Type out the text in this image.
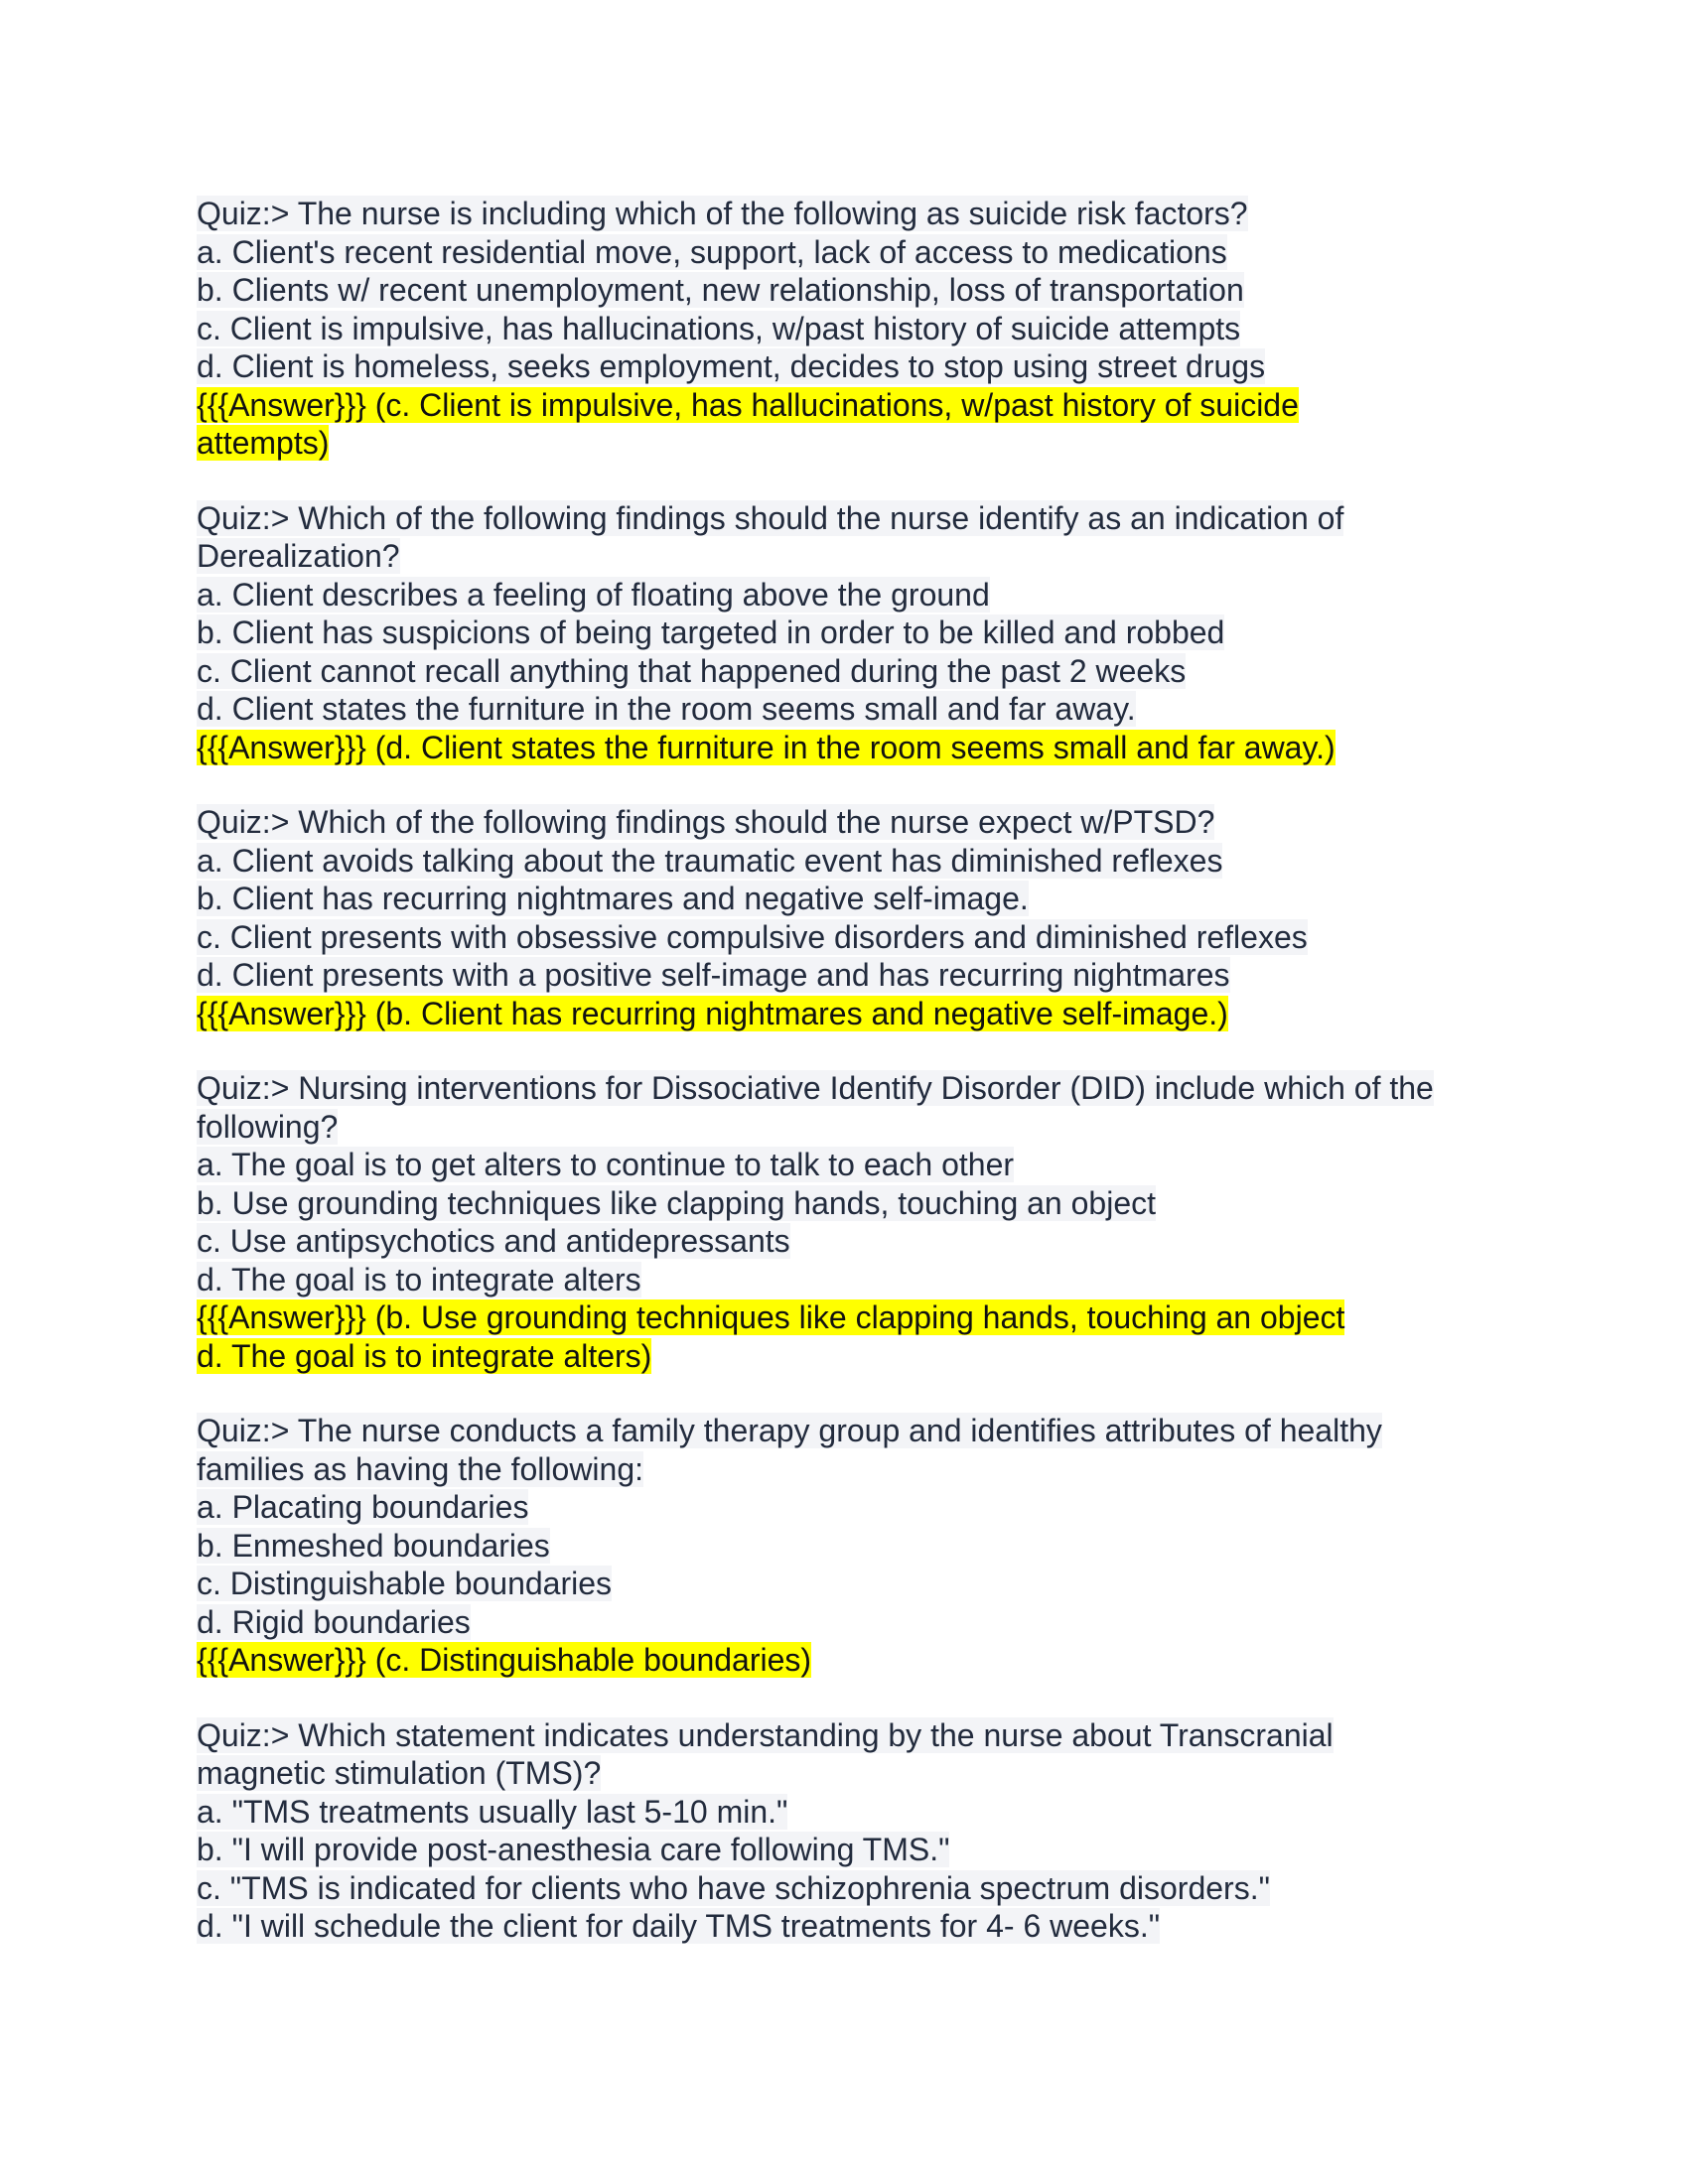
Quiz:> The nurse is including which of the following as suicide risk factors?
a. Client's recent residential move, support, lack of access to medications
b. Clients w/ recent unemployment, new relationship, loss of transportation
c. Client is impulsive, has hallucinations, w/past history of suicide attempts
d. Client is homeless, seeks employment, decides to stop using street drugs
{{{Answer}}} (c. Client is impulsive, has hallucinations, w/past history of suicide
attempts)
Quiz:> Which of the following findings should the nurse identify as an indication of
Derealization?
a. Client describes a feeling of floating above the ground
b. Client has suspicions of being targeted in order to be killed and robbed
c. Client cannot recall anything that happened during the past 2 weeks
d. Client states the furniture in the room seems small and far away.
{{{Answer}}} (d. Client states the furniture in the room seems small and far away.)
Quiz:> Which of the following findings should the nurse expect w/PTSD?
a. Client avoids talking about the traumatic event has diminished reflexes
b. Client has recurring nightmares and negative self-image.
c. Client presents with obsessive compulsive disorders and diminished reflexes
d. Client presents with a positive self-image and has recurring nightmares
{{{Answer}}} (b. Client has recurring nightmares and negative self-image.)
Quiz:> Nursing interventions for Dissociative Identify Disorder (DID) include which of the
following?
a. The goal is to get alters to continue to talk to each other
b. Use grounding techniques like clapping hands, touching an object
c. Use antipsychotics and antidepressants
d. The goal is to integrate alters
{{{Answer}}} (b. Use grounding techniques like clapping hands, touching an object
d. The goal is to integrate alters)
Quiz:> The nurse conducts a family therapy group and identifies attributes of healthy
families as having the following:
a. Placating boundaries
b. Enmeshed boundaries
c. Distinguishable boundaries
d. Rigid boundaries
{{{Answer}}} (c. Distinguishable boundaries)
Quiz:> Which statement indicates understanding by the nurse about Transcranial
magnetic stimulation (TMS)?
a. "TMS treatments usually last 5-10 min."
b. "I will provide post-anesthesia care following TMS."
c. "TMS is indicated for clients who have schizophrenia spectrum disorders."
d. "I will schedule the client for daily TMS treatments for 4- 6 weeks."
